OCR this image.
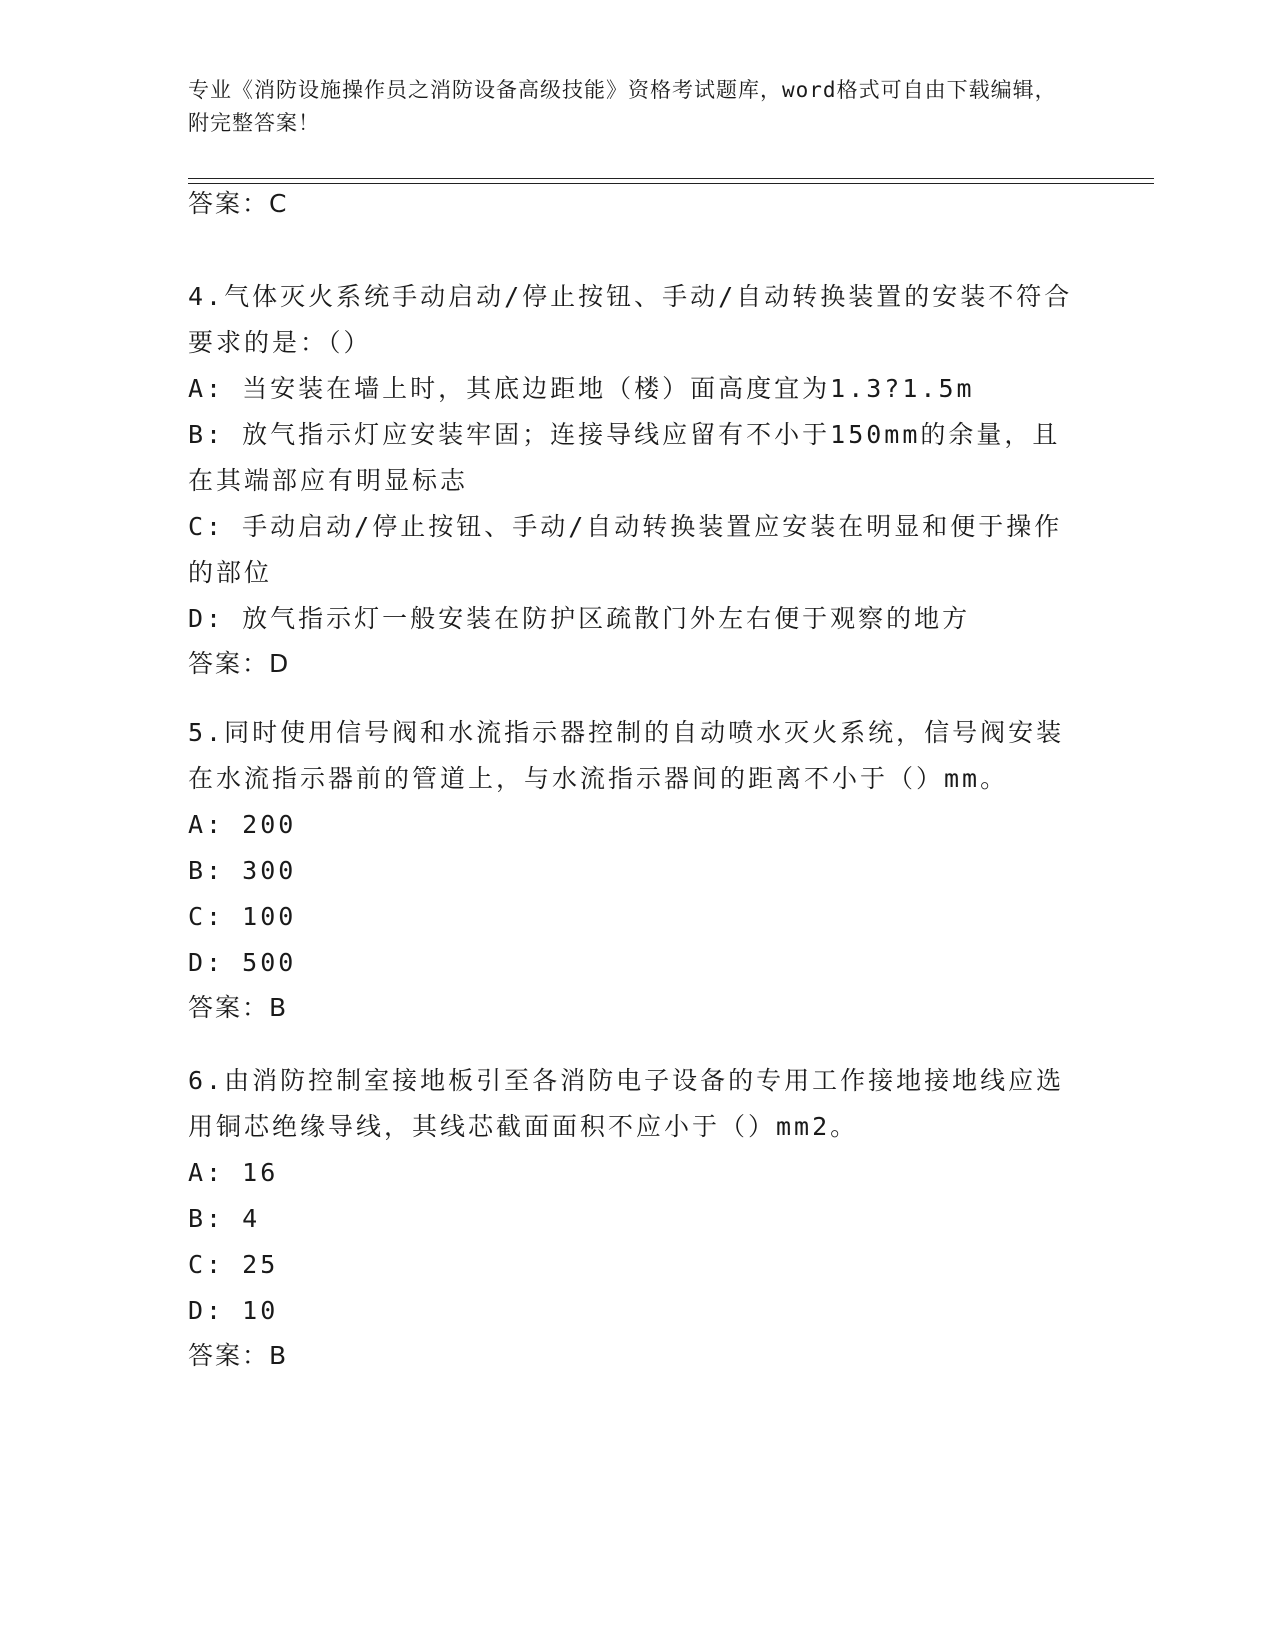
专业《消防设施操作员之消防设备高级技能》资格考试题库，word格式可自由下载编辑，附完整答案！
答案：C

4.气体灭火系统手动启动/停止按钮、手动/自动转换装置的安装不符合要求的是：（）

A: 当安装在墙上时，其底边距地（楼）面高度宜为1.3?1.5m

B: 放气指示灯应安装牢固；连接导线应留有不小于150mm的余量，且在其端部应有明显标志

C: 手动启动/停止按钮、手动/自动转换装置应安装在明显和便于操作的部位

D: 放气指示灯一般安装在防护区疏散门外左右便于观察的地方

答案：D

5.同时使用信号阀和水流指示器控制的自动喷水灭火系统，信号阀安装在水流指示器前的管道上，与水流指示器间的距离不小于（）mm。

A: 200

B: 300

C: 100

D: 500

答案：B

6.由消防控制室接地板引至各消防电子设备的专用工作接地接地线应选用铜芯绝缘导线，其线芯截面面积不应小于（）mm2。

A: 16

B: 4

C: 25

D: 10

答案：B
